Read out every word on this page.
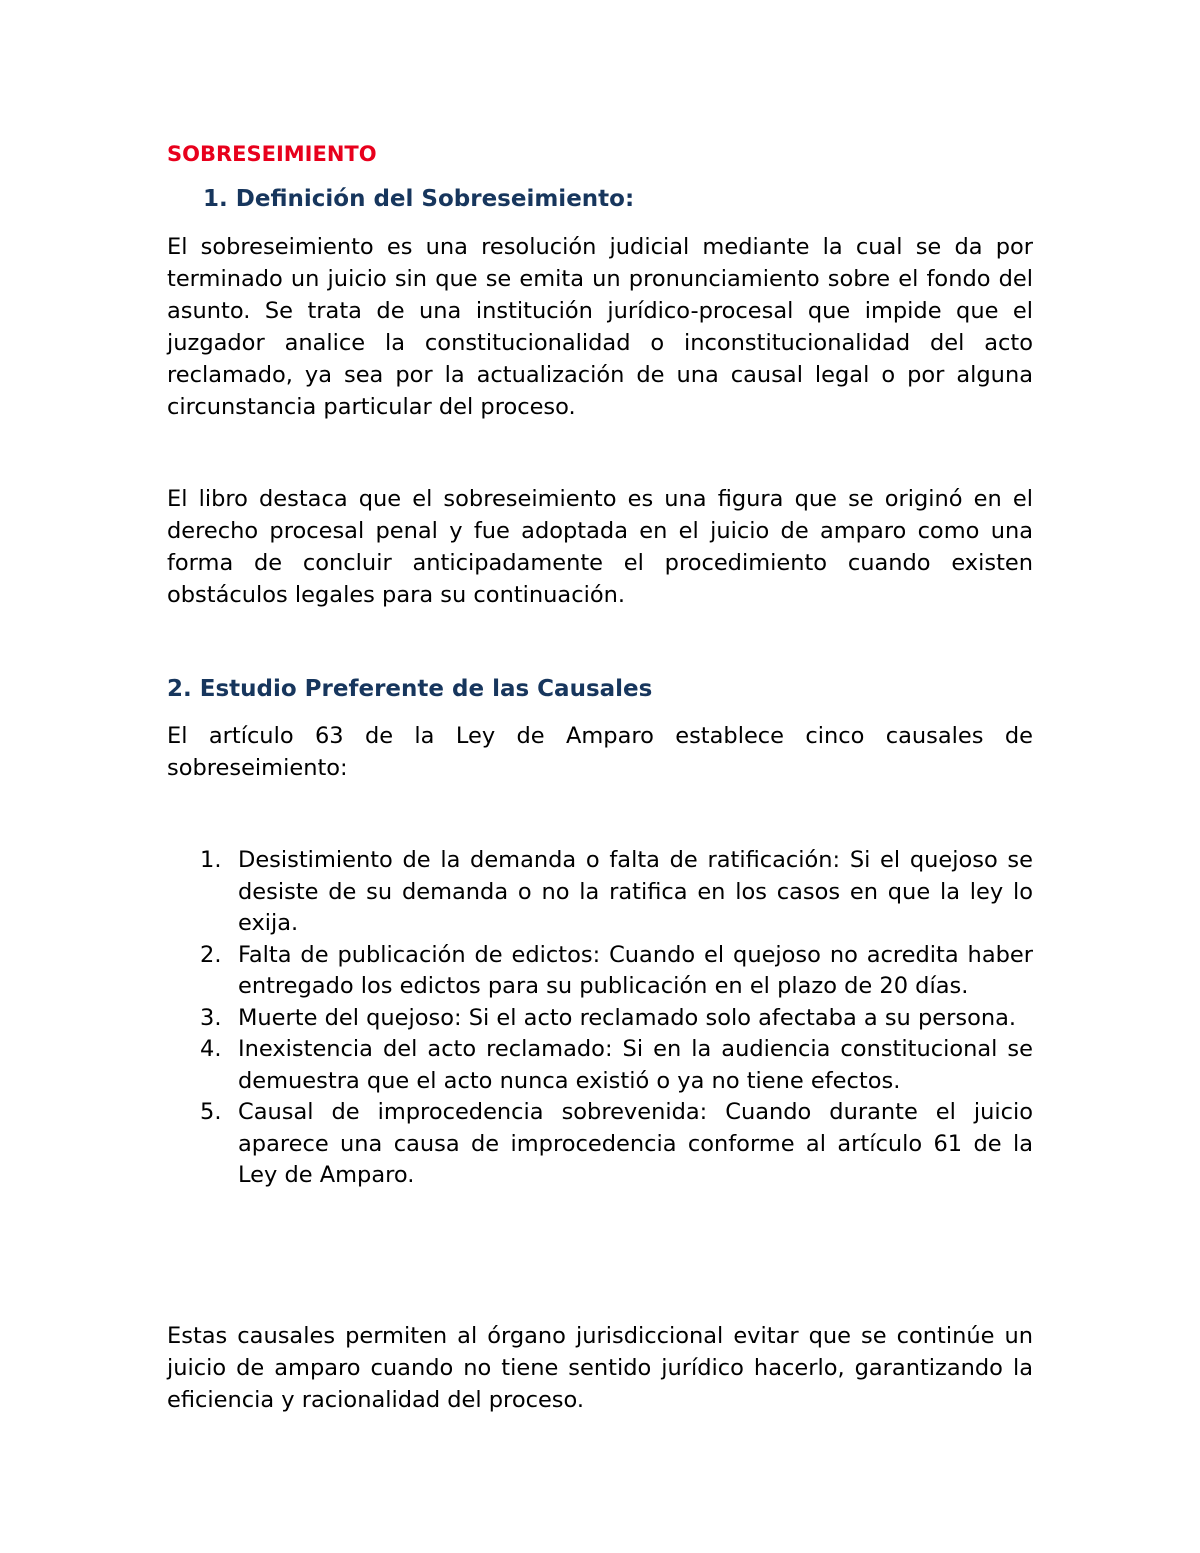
SOBRESEIMIENTO
1. Definición del Sobreseimiento:

El sobreseimiento es una resolución judicial mediante la cual se da por terminado un juicio sin que se emita un pronunciamiento sobre el fondo del asunto. Se trata de una institución jurídico-procesal que impide que el juzgador analice la constitucionalidad o inconstitucionalidad del acto reclamado, ya sea por la actualización de una causal legal o por alguna circunstancia particular del proceso.

El libro destaca que el sobreseimiento es una figura que se originó en el derecho procesal penal y fue adoptada en el juicio de amparo como una forma de concluir anticipadamente el procedimiento cuando existen obstáculos legales para su continuación.

2. Estudio Preferente de las Causales

El artículo 63 de la Ley de Amparo establece cinco causales de sobreseimiento:

1. Desistimiento de la demanda o falta de ratificación: Si el quejoso se desiste de su demanda o no la ratifica en los casos en que la ley lo exija.
2. Falta de publicación de edictos: Cuando el quejoso no acredita haber entregado los edictos para su publicación en el plazo de 20 días.
3. Muerte del quejoso: Si el acto reclamado solo afectaba a su persona.
4. Inexistencia del acto reclamado: Si en la audiencia constitucional se demuestra que el acto nunca existió o ya no tiene efectos.
5. Causal de improcedencia sobrevenida: Cuando durante el juicio aparece una causa de improcedencia conforme al artículo 61 de la Ley de Amparo.

Estas causales permiten al órgano jurisdiccional evitar que se continúe un juicio de amparo cuando no tiene sentido jurídico hacerlo, garantizando la eficiencia y racionalidad del proceso.
